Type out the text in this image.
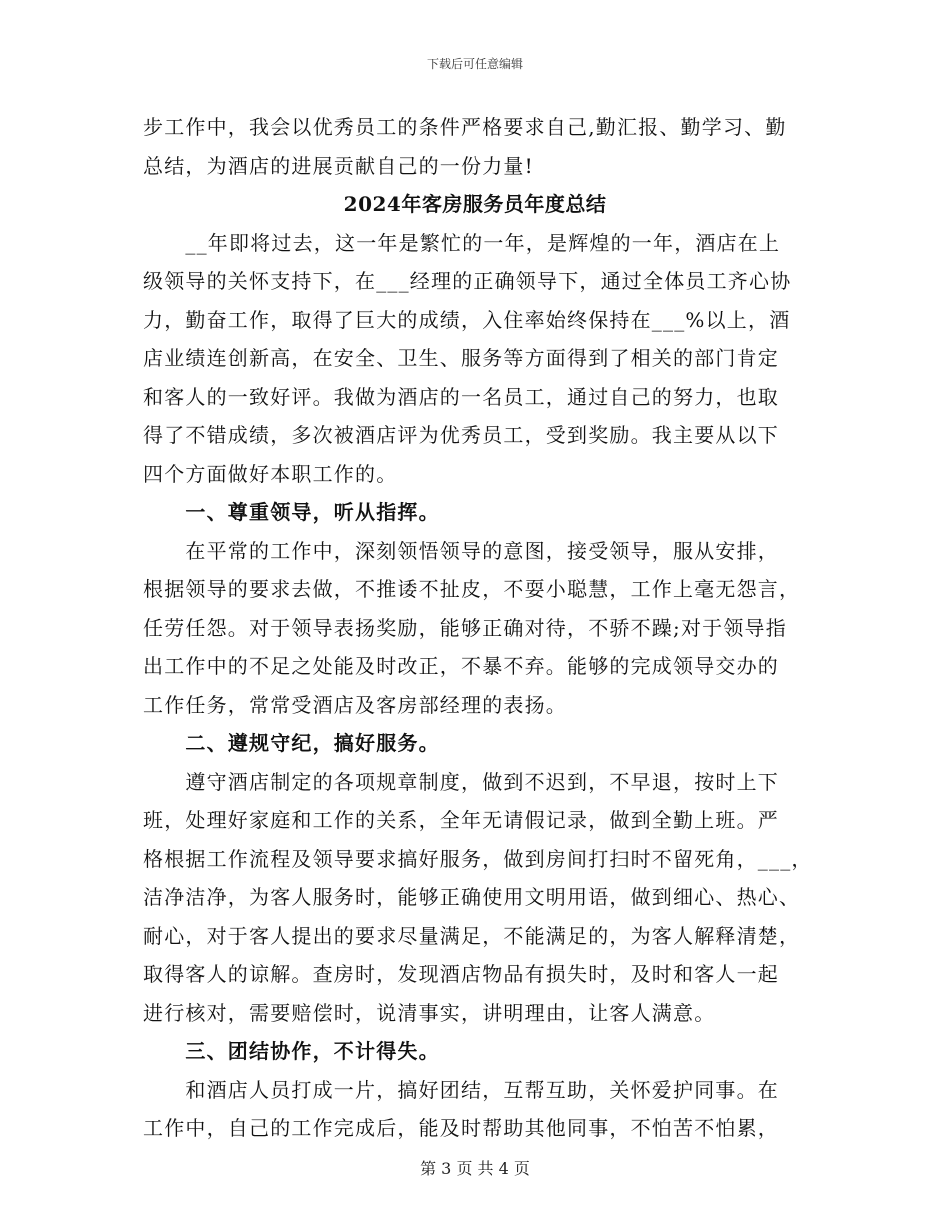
下载后可任意编辑
步工作中，我会以优秀员工的条件严格要求自己,勤汇报、勤学习、勤
总结，为酒店的进展贡献自己的一份力量!
2024年客房服务员年度总结
　　__年即将过去，这一年是繁忙的一年，是辉煌的一年，酒店在上
级领导的关怀支持下，在___经理的正确领导下，通过全体员工齐心协
力，勤奋工作，取得了巨大的成绩，入住率始终保持在___%以上，酒
店业绩连创新高，在安全、卫生、服务等方面得到了相关的部门肯定
和客人的一致好评。我做为酒店的一名员工，通过自己的努力，也取
得了不错成绩，多次被酒店评为优秀员工，受到奖励。我主要从以下
四个方面做好本职工作的。
　　一、尊重领导，听从指挥。
　　在平常的工作中，深刻领悟领导的意图，接受领导，服从安排，
根据领导的要求去做，不推诿不扯皮，不耍小聪慧，工作上毫无怨言，
任劳任怨。对于领导表扬奖励，能够正确对待，不骄不躁;对于领导指
出工作中的不足之处能及时改正，不暴不弃。能够的完成领导交办的
工作任务，常常受酒店及客房部经理的表扬。
　　二、遵规守纪，搞好服务。
　　遵守酒店制定的各项规章制度，做到不迟到，不早退，按时上下
班，处理好家庭和工作的关系，全年无请假记录，做到全勤上班。严
格根据工作流程及领导要求搞好服务，做到房间打扫时不留死角，___，
洁净洁净，为客人服务时，能够正确使用文明用语，做到细心、热心、
耐心，对于客人提出的要求尽量满足，不能满足的，为客人解释清楚，
取得客人的谅解。查房时，发现酒店物品有损失时，及时和客人一起
进行核对，需要赔偿时，说清事实，讲明理由，让客人满意。
　　三、团结协作，不计得失。
　　和酒店人员打成一片，搞好团结，互帮互助，关怀爱护同事。在
工作中，自己的工作完成后，能及时帮助其他同事，不怕苦不怕累，
第 3 页 共 4 页
